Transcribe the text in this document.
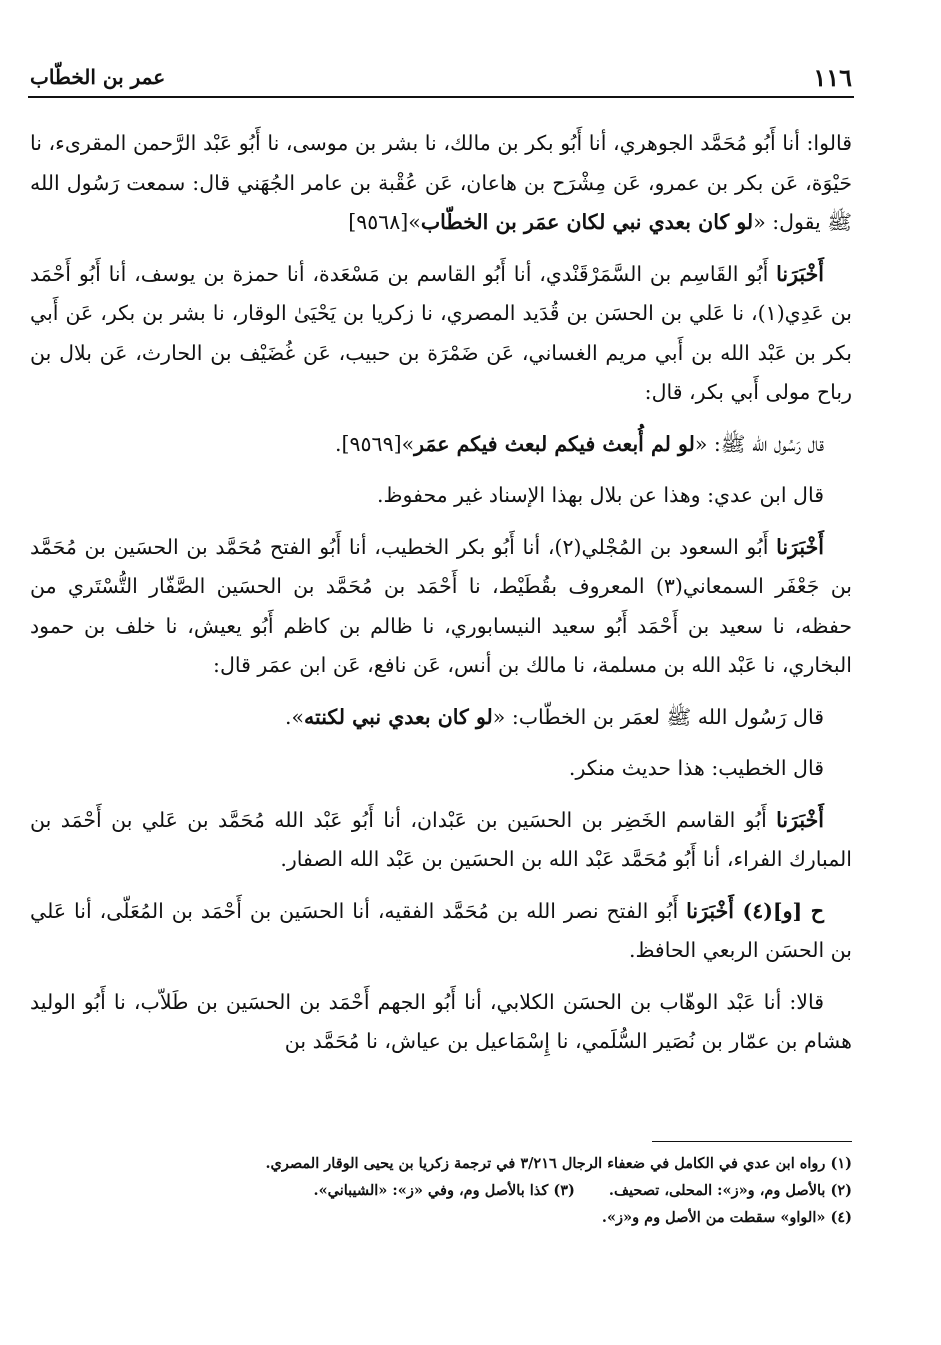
١١٦
عمر بن الخطّاب

قالوا: أنا أَبُو مُحَمَّد الجوهري، أنا أَبُو بكر بن مالك، نا بشر بن موسى، نا أَبُو عَبْد الرَّحمن المقرىء، نا حَيْوَة، عَن بكر بن عمرو، عَن مِشْرَح بن هاعان، عَن عُقْبة بن عامر الجُهَني قال: سمعت رَسُول الله ﷺ يقول: «لو كان بعدي نبي لكان عمَر بن الخطّاب»[٩٥٦٨]

أَخْبَرَنا أَبُو القَاسِم بن السَّمَرْقَنْدي، أنا أَبُو القاسم بن مَسْعَدة، أنا حمزة بن يوسف، أنا أَبُو أَحْمَد بن عَدِي(١)، نا عَلي بن الحسَن بن قُدَيد المصري، نا زكريا بن يَحْيَىٰ الوقار، نا بشر بن بكر، عَن أَبي بكر بن عَبْد الله بن أَبي مريم الغساني، عَن ضَمْرَة بن حبيب، عَن غُضَيْف بن الحارث، عَن بلال بن رباح مولى أَبي بكر، قال:

قال رَسُول الله ﷺ: «لو لم أُبعث فيكم لبعث فيكم عمَر»[٩٥٦٩].

قال ابن عدي: وهذا عن بلال بهذا الإسناد غير محفوظ.

أَخْبَرَنا أَبُو السعود بن المُجْلي(٢)، أنا أَبُو بكر الخطيب، أنا أَبُو الفتح مُحَمَّد بن الحسَين بن مُحَمَّد بن جَعْفَر السمعاني(٣) المعروف بقُطَيْط، نا أَحْمَد بن مُحَمَّد بن الحسَين الصَّفّار التُّسْتَري من حفظه، نا سعيد بن أَحْمَد أَبُو سعيد النيسابوري، نا ظالم بن كاظم أَبُو يعيش، نا خلف بن حمود البخاري، نا عَبْد الله بن مسلمة، نا مالك بن أنس، عَن نافع، عَن ابن عمَر قال:

قال رَسُول الله ﷺ لعمَر بن الخطّاب: «لو كان بعدي نبي لكنته».

قال الخطيب: هذا حديث منكر.

أَخْبَرَنا أَبُو القاسم الخَضِر بن الحسَين بن عَبْدان، أنا أَبُو عَبْد الله مُحَمَّد بن عَلي بن أَحْمَد بن المبارك الفراء، أنا أَبُو مُحَمَّد عَبْد الله بن الحسَين بن عَبْد الله الصفار.

ح [و](٤) أَخْبَرَنا أَبُو الفتح نصر الله بن مُحَمَّد الفقيه، أنا الحسَين بن أَحْمَد بن المُعَلّى، أنا عَلي بن الحسَن الربعي الحافظ.

قالا: أنا عَبْد الوهّاب بن الحسَن الكلابي، أنا أَبُو الجهم أَحْمَد بن الحسَين بن طَلاّب، نا أَبُو الوليد هشام بن عمّار بن نُصَير السُّلَمي، نا إِسْمَاعيل بن عياش، نا مُحَمَّد بن

(١) رواه ابن عدي في الكامل في ضعفاء الرجال ٣/٢١٦ في ترجمة زكريا بن يحيى الوقار المصري.
(٢) بالأصل وم، و«ز»: المحلى، تصحيف.(٣) كذا بالأصل وم، وفي «ز»: «الشيباني».
(٤) «الواو» سقطت من الأصل وم و«ز».
